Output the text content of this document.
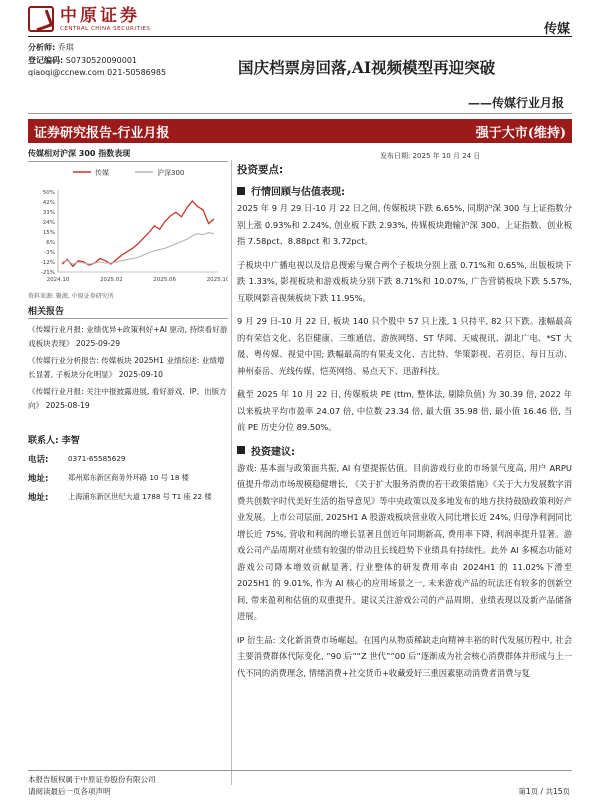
中原证券
CENTRAL CHINA SECURITIES	传媒
分析师: 乔琪
登记编码: S0730520090001
qiaoqi@ccnew.com 021-50586985	国庆档票房回落,AI视频模型再迎突破
——传媒行业月报
证券研究报告-行业月报	强于大市(维持)
传媒相对沪深 300 指数表现
传媒	沪深300
50%
42%
33%
24%
15%
6%
-3%
-12%
-21%
2024.10	2025.02	2025.06	2025.10
资料来源: 聚源, 中原证券研究所
相关报告
《传媒行业月报: 业绩优异+政策利好+AI 驱动, 持续看好游戏板块表现》 2025-09-29
《传媒行业分析报告: 传媒板块 2025H1 业绩综述: 业绩增长显著, 子板块分化明显》 2025-09-10
《传媒行业月报: 关注中报披露进展, 看好游戏、IP、出版方向》 2025-08-19
联系人: 李智
电话:	0371-65585629
地址:	郑州郑东新区商务外环路 10 号 18 楼
地址:	上海浦东新区世纪大道 1788 号 T1 座 22 楼
发布日期: 2025 年 10 月 24 日
投资要点:
行情回顾与估值表现:

2025 年 9 月 29 日-10 月 22 日之间, 传媒板块下跌 6.65%, 同期沪深 300 与上证指数分别上涨 0.93%和 2.24%, 创业板下跌 2.93%, 传媒板块跑输沪深 300、上证指数、创业板指 7.58pct、8.88pct 和 3.72pct。

子板块中广播电视以及信息搜索与聚合两个子板块分别上涨 0.71%和 0.65%, 出版板块下跌 1.33%, 影视板块和游戏板块分别下跌 8.71%和 10.07%, 广告营销板块下跌 5.57%, 互联网影音视频板块下跌 11.95%。

9 月 29 日-10 月 22 日, 板块 140 只个股中 57 只上涨, 1 只持平, 82 只下跌。涨幅最高的有荣信文化、名臣健康、三维通信、游族网络、ST 华闻、天威视讯、湖北广电、*ST 大晟、粤传媒、视觉中国; 跌幅最高的有果麦文化、吉比特、华策影视、若羽臣、每日互动、神州泰岳、光线传媒、恺英网络、易点天下、迅游科技。

截至 2025 年 10 月 22 日, 传媒板块 PE (ttm, 整体法, 剔除负值) 为 30.39 倍, 2022 年以来板块平均市盈率 24.07 倍, 中位数 23.34 倍, 最大值 35.98 倍, 最小值 16.46 倍, 当前 PE 历史分位 89.50%。

投资建议:

游戏: 基本面与政策面共振, AI 有望提振估值。目前游戏行业的市场景气度高, 用户 ARPU 值提升带动市场规模稳健增长, 《关于扩大服务消费的若干政策措施》《关于大力发展数字消费共创数字时代美好生活的指导意见》等中央政策以及多地发布的地方扶持鼓励政策利好产业发展。上市公司层面, 2025H1 A 股游戏板块营业收入同比增长近 24%, 归母净利润同比增长近 75%, 营收和利润的增长显著且创近年同期新高, 费用率下降, 利润率提升显著。游戏公司产品周期对业绩有较强的带动且长线趋势下业绩具有持续性。此外 AI 多模态功能对游戏公司降本增效贡献显著, 行业整体的研发费用率由 2024H1 的 11.02%下滑至 2025H1 的 9.01%, 作为 AI 核心的应用场景之一, 未来游戏产品的玩法还有较多的创新空间, 带来盈利和估值的双重提升。建议关注游戏公司的产品周期、业绩表现以及新产品储备进展。

IP 衍生品: 文化新消费市场崛起。在国内从物质稀缺走向精神丰裕的时代发展历程中, 社会主要消费群体代际变化, “90 后”“Z 世代”“00 后”逐渐成为社会核心消费群体并形成与上一代不同的消费理念, 情绪消费+社交货币+收藏爱好三重因素驱动消费者消费与复

本报告版权属于中原证券股份有限公司
请阅读最后一页各项声明	第1页 / 共15页
